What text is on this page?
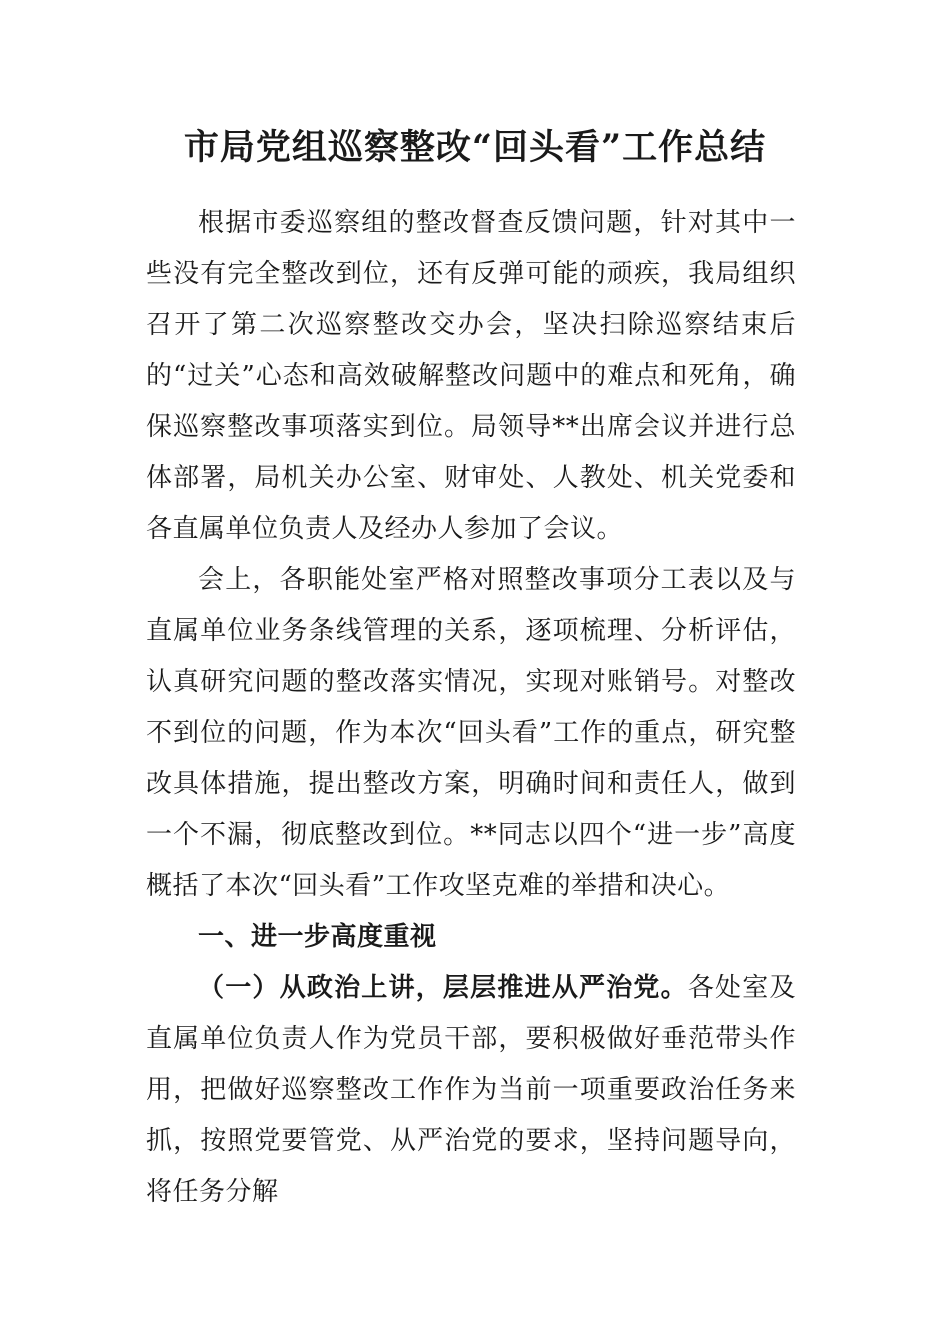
市局党组巡察整改“回头看”工作总结

根据市委巡察组的整改督查反馈问题，针对其中一些没有完全整改到位，还有反弹可能的顽疾，我局组织召开了第二次巡察整改交办会，坚决扫除巡察结束后的“过关”心态和高效破解整改问题中的难点和死角，确保巡察整改事项落实到位。局领导**出席会议并进行总体部署，局机关办公室、财审处、人教处、机关党委和各直属单位负责人及经办人参加了会议。

会上，各职能处室严格对照整改事项分工表以及与直属单位业务条线管理的关系，逐项梳理、分析评估，认真研究问题的整改落实情况，实现对账销号。对整改不到位的问题，作为本次“回头看”工作的重点，研究整改具体措施，提出整改方案，明确时间和责任人，做到一个不漏，彻底整改到位。**同志以四个“进一步”高度概括了本次“回头看”工作攻坚克难的举措和决心。

一、进一步高度重视

（一）从政治上讲，层层推进从严治党。各处室及直属单位负责人作为党员干部，要积极做好垂范带头作用，把做好巡察整改工作作为当前一项重要政治任务来抓，按照党要管党、从严治党的要求，坚持问题导向，将任务分解
